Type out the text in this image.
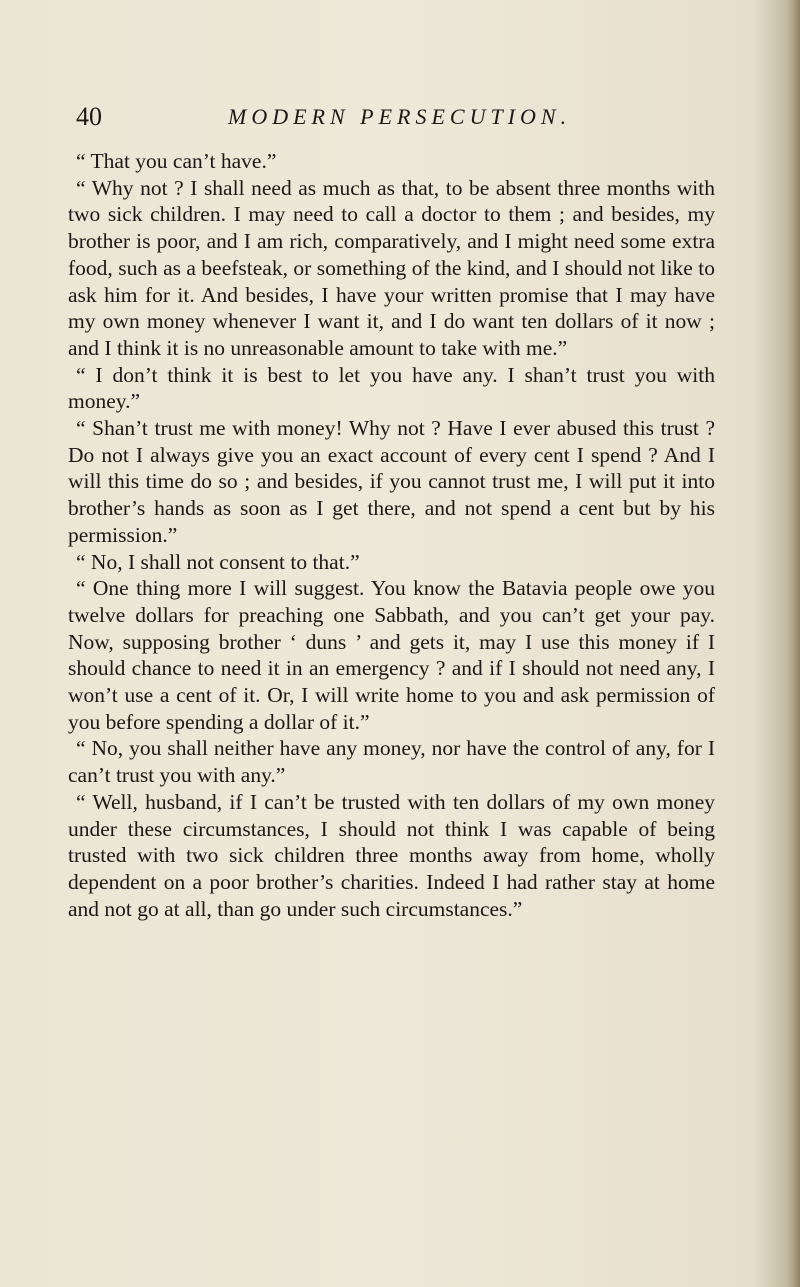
40	MODERN PERSECUTION.

“ That you can’t have.”

“ Why not ? I shall need as much as that, to be absent three months with two sick children. I may need to call a doctor to them ; and besides, my brother is poor, and I am rich, comparatively, and I might need some extra food, such as a beefsteak, or something of the kind, and I should not like to ask him for it. And besides, I have your written promise that I may have my own money whenever I want it, and I do want ten dollars of it now ; and I think it is no unreasonable amount to take with me.”

“ I don’t think it is best to let you have any. I shan’t trust you with money.”

“ Shan’t trust me with money! Why not ? Have I ever abused this trust ? Do not I always give you an exact account of every cent I spend ? And I will this time do so ; and besides, if you cannot trust me, I will put it into brother’s hands as soon as I get there, and not spend a cent but by his permission.”

“ No, I shall not consent to that.”

“ One thing more I will suggest. You know the Batavia people owe you twelve dollars for preaching one Sabbath, and you can’t get your pay. Now, supposing brother ‘ duns ’ and gets it, may I use this money if I should chance to need it in an emergency ? and if I should not need any, I won’t use a cent of it. Or, I will write home to you and ask permission of you before spending a dollar of it.”

“ No, you shall neither have any money, nor have the control of any, for I can’t trust you with any.”

“ Well, husband, if I can’t be trusted with ten dollars of my own money under these circumstances, I should not think I was capable of being trusted with two sick children three months away from home, wholly dependent on a poor brother’s charities. Indeed I had rather stay at home and not go at all, than go under such circumstances.”
